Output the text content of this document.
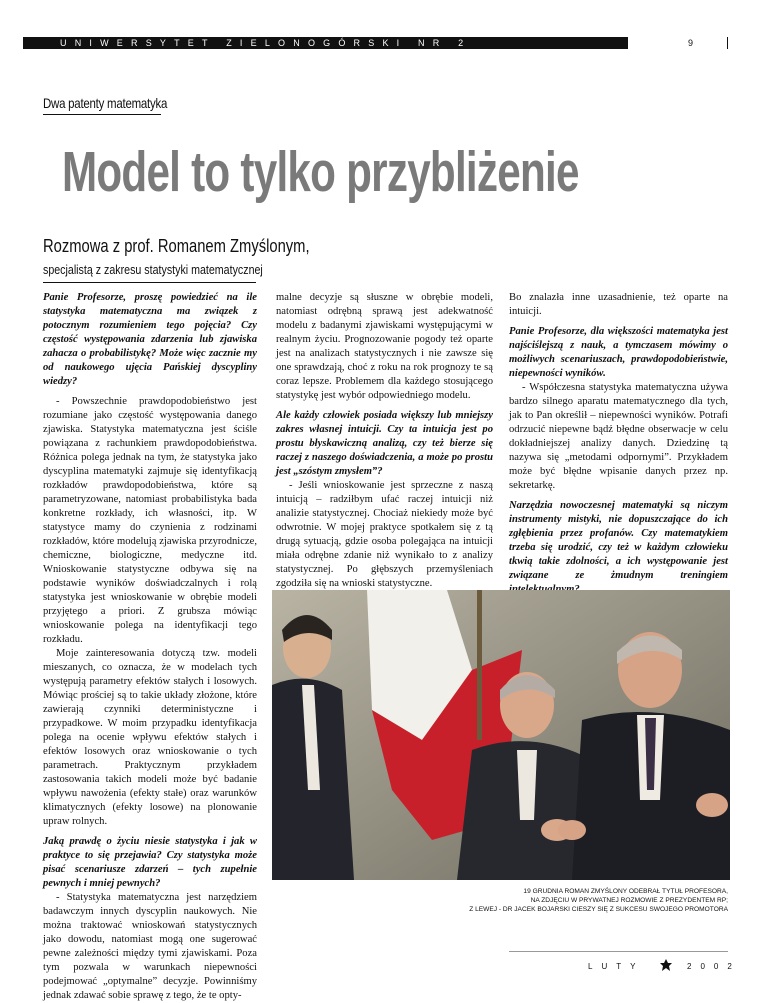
UNIWERSYTET ZIELONOGÓRSKI NR 2	9
Dwa patenty matematyka
Model to tylko przybliżenie
Rozmowa z prof. Romanem Zmyślonym,
specjalistą z zakresu statystyki matematycznej

Panie Profesorze, proszę powiedzieć na ile statystyka matematyczna ma związek z potocznym rozumieniem tego pojęcia? Czy częstość występowania zdarzenia lub zjawiska zahacza o probabilistykę? Może więc zacznie my od naukowego ujęcia Pańskiej dyscypliny wiedzy?

- Powszechnie prawdopodobieństwo jest rozumiane jako częstość występowania danego zjawiska. Statystyka matematyczna jest ściśle powiązana z rachunkiem prawdopodobieństwa. Różnica polega jednak na tym, że statystyka jako dyscyplina matematyki zajmuje się identyfikacją rozkładów prawdopodobieństwa, które są parametryzowane, natomiast probabilistyka bada konkretne rozkłady, ich własności, itp. W statystyce mamy do czynienia z rodzinami rozkładów, które modelują zjawiska przyrodnicze, chemiczne, biologiczne, medyczne itd. Wnioskowanie statystyczne odbywa się na podstawie wyników doświadczalnych i rolą statystyka jest wnioskowanie w obrębie modeli przyjętego a priori. Z grubsza mówiąc wnioskowanie polega na identyfikacji tego rozkładu.

Moje zainteresowania dotyczą tzw. modeli mieszanych, co oznacza, że w modelach tych występują parametry efektów stałych i losowych. Mówiąc prościej są to takie układy złożone, które zawierają czynniki deterministyczne i przypadkowe. W moim przypadku identyfikacja polega na ocenie wpływu efektów stałych i efektów losowych oraz wnioskowanie o tych parametrach. Praktycznym przykładem zastosowania takich modeli może być badanie wpływu nawożenia (efekty stałe) oraz warunków klimatycznych (efekty losowe) na plonowanie upraw rolnych.

Jaką prawdę o życiu niesie statystyka i jak w praktyce to się przejawia? Czy statystyka może pisać scenariusze zdarzeń – tych zupełnie pewnych i mniej pewnych?

- Statystyka matematyczna jest narzędziem badawczym innych dyscyplin naukowych. Nie można traktować wnioskowań statystycznych jako dowodu, natomiast mogą one sugerować pewne zależności między tymi zjawiskami. Poza tym pozwala w warunkach niepewności podejmować „optymalne” decyzje. Powinniśmy jednak zdawać sobie sprawę z tego, że te opty-

malne decyzje są słuszne w obrębie modeli, natomiast odrębną sprawą jest adekwatność modelu z badanymi zjawiskami występującymi w realnym życiu. Prognozowanie pogody też oparte jest na analizach statystycznych i nie zawsze się one sprawdzają, choć z roku na rok prognozy te są coraz lepsze. Problemem dla każdego stosującego statystykę jest wybór odpowiedniego modelu.

Ale każdy człowiek posiada większy lub mniejszy zakres własnej intuicji. Czy ta intuicja jest po prostu błyskawiczną analizą, czy też bierze się raczej z naszego doświadczenia, a może po prostu jest „szóstym zmysłem”?

- Jeśli wnioskowanie jest sprzeczne z naszą intuicją – radziłbym ufać raczej intuicji niż analizie statystycznej. Chociaż niekiedy może być odwrotnie. W mojej praktyce spotkałem się z tą drugą sytuacją, gdzie osoba polegająca na intuicji miała odrębne zdanie niż wynikało to z analizy statystycznej. Po głębszych przemyśleniach zgodziła się na wnioski statystyczne.

Bo znalazła inne uzasadnienie, też oparte na intuicji.

Panie Profesorze, dla większości matematyka jest najściślejszą z nauk, a tymczasem mówimy o możliwych scenariuszach, prawdopodobieństwie, niepewności wyników.

- Współczesna statystyka matematyczna używa bardzo silnego aparatu matematycznego dla tych, jak to Pan określił – niepewności wyników. Potrafi odrzucić niepewne bądź błędne obserwacje w celu dokładniejszej analizy danych. Dziedzinę tą nazywa się „metodami odpornymi”. Przykładem może być błędne wpisanie danych przez np. sekretarkę.

Narzędzia nowoczesnej matematyki są niczym instrumenty mistyki, nie dopuszczające do ich zgłębienia przez profanów. Czy matematykiem trzeba się urodzić, czy też w każdym człowieku tkwią takie zdolności, a ich występowanie jest związane ze żmudnym treningiem

19 GRUDNIA ROMAN ZMYŚLONY ODEBRAŁ TYTUŁ PROFESORA,
NA ZDJĘCIU W PRYWATNEJ ROZMOWIE Z PREZYDENTEM RP;
Z LEWEJ - DR JACEK BOJARSKI CIESZY SIĘ Z SUKCESU SWOJEGO PROMOTORA
LUTY	2002
